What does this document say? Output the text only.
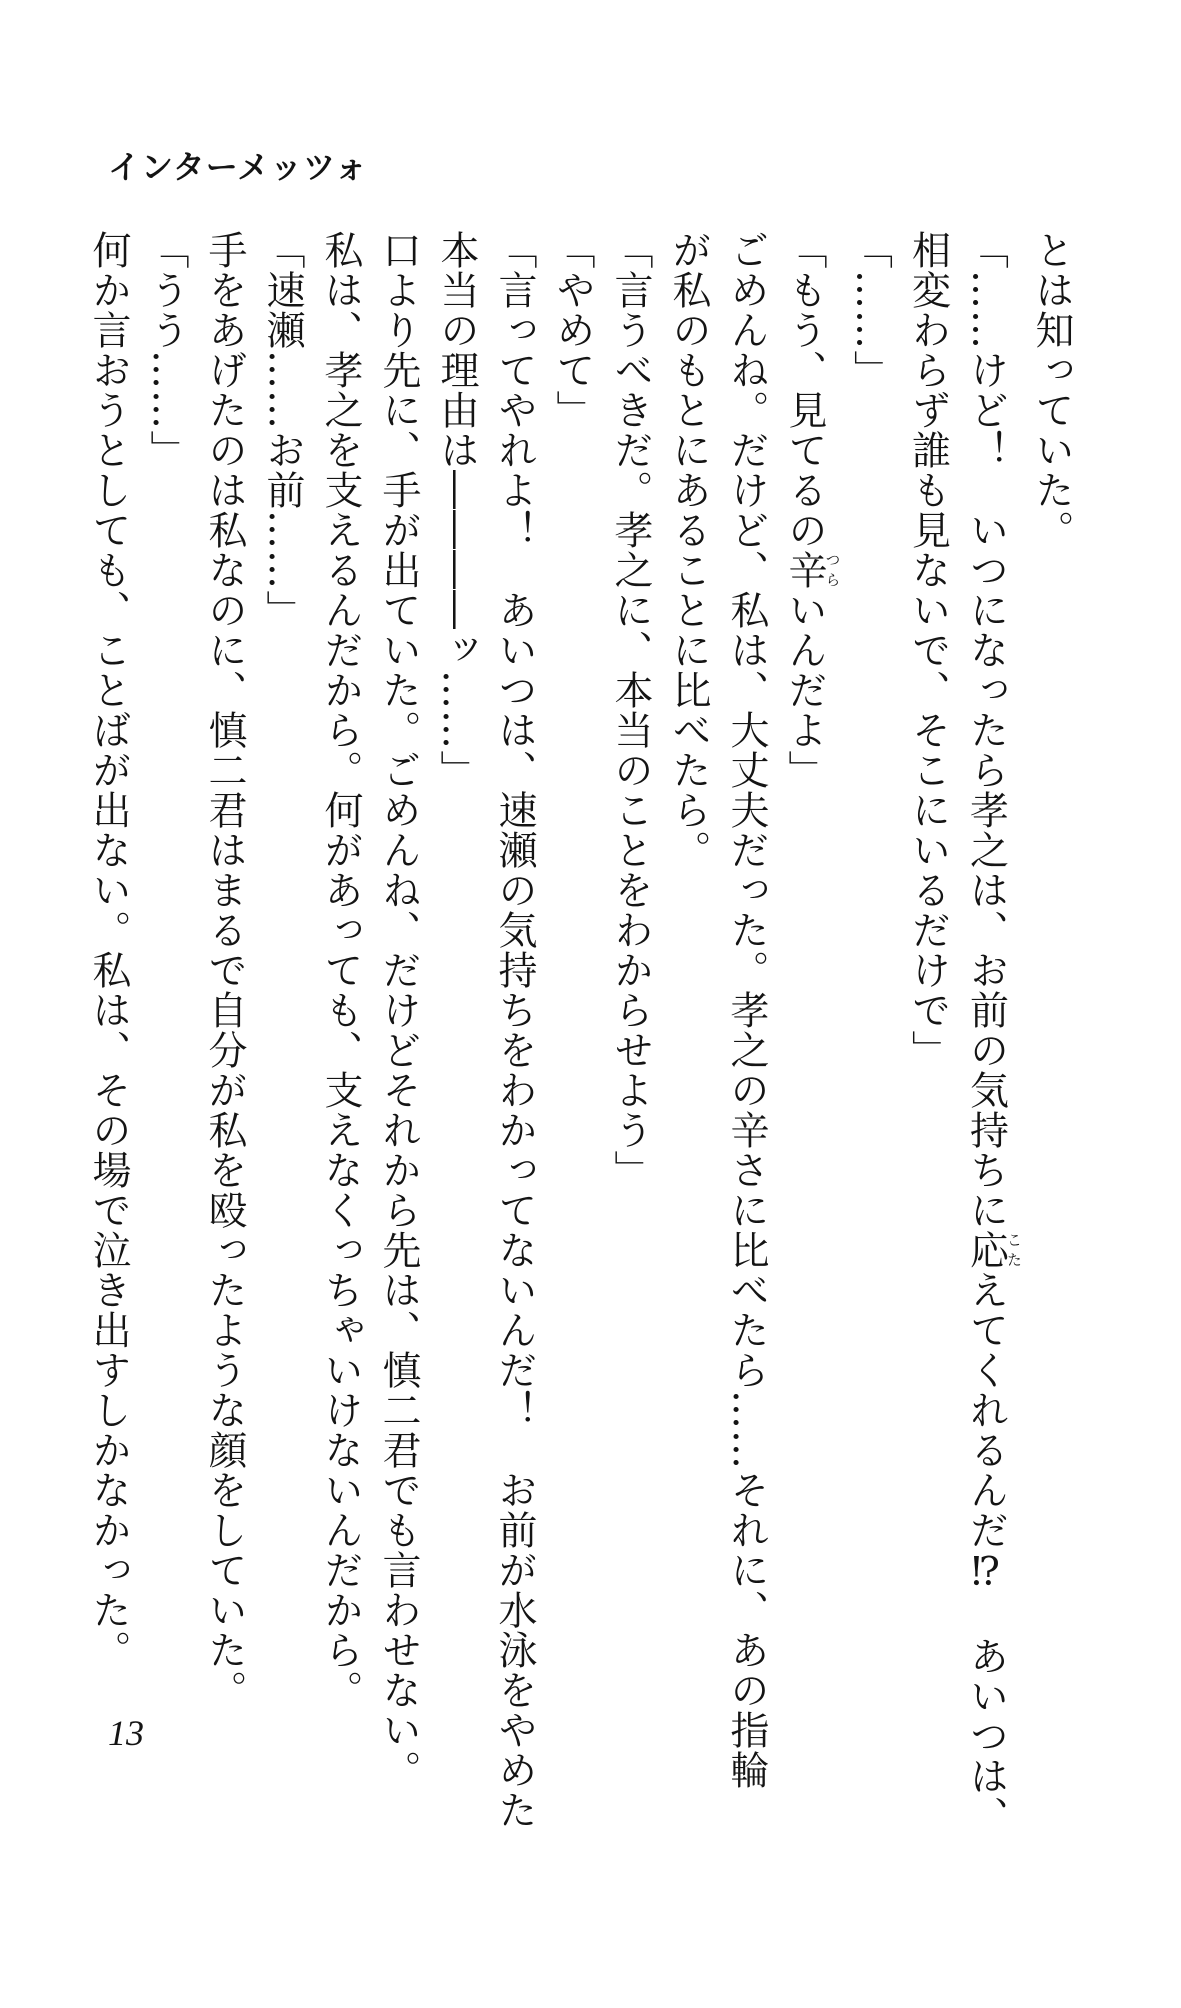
インターメッツォ

とは知っていた。

「……けど！　いつになったら孝之は、お前の気持ちに応こたえてくれるんだ⁉　あいつは、

相変わらず誰も見ないで、そこにいるだけで」

「……」

「もう、見てるの辛つらいんだよ」

ごめんね。だけど、私は、大丈夫だった。孝之の辛さに比べたら……それに、あの指輪

が私のもとにあることに比べたら。

「言うべきだ。孝之に、本当のことをわからせよう」

「やめて」

「言ってやれよ！　あいつは、速瀬の気持ちをわかってないんだ！　お前が水泳をやめた

本当の理由は――――ッ……」

口より先に、手が出ていた。ごめんね、だけどそれから先は、慎二君でも言わせない。

私は、孝之を支えるんだから。何があっても、支えなくっちゃいけないんだから。

「速瀬……お前……」

手をあげたのは私なのに、慎二君はまるで自分が私を殴ったような顔をしていた。

「うう……」

何か言おうとしても、ことばが出ない。私は、その場で泣き出すしかなかった。

13
